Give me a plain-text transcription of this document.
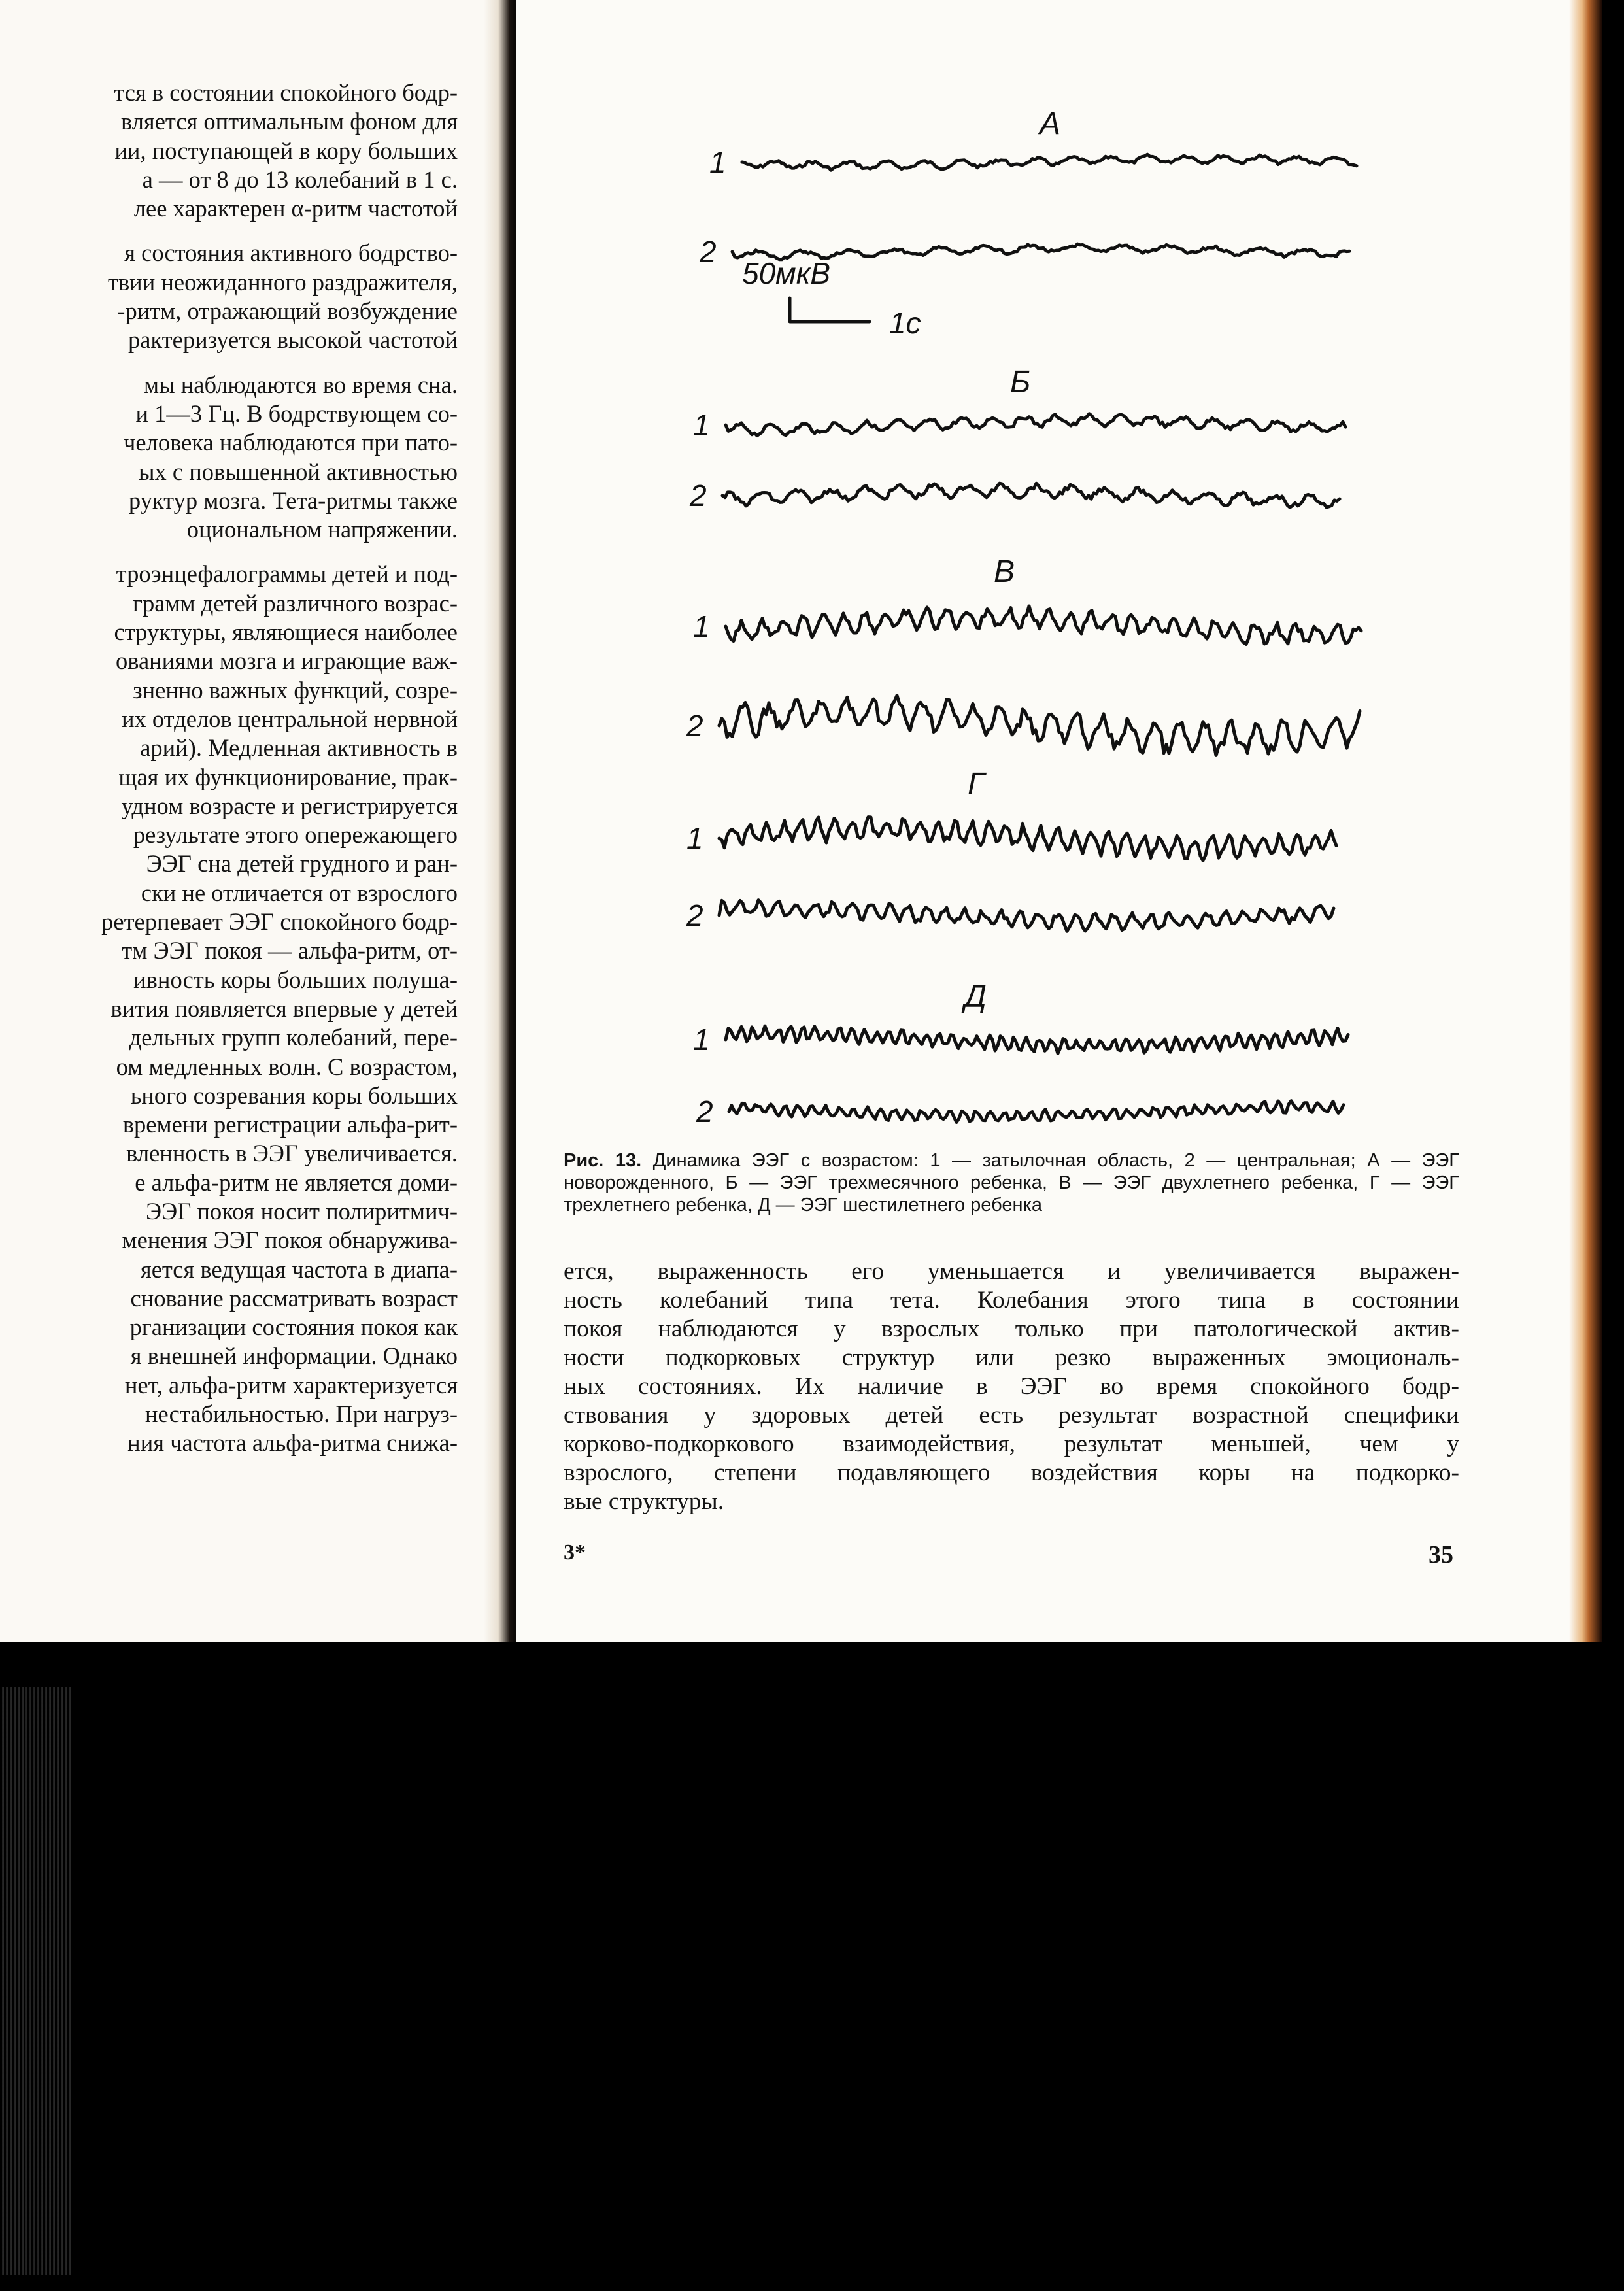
тся в состоянии спокойного бодр-
вляется оптимальным фоном для
ии, поступающей в кору больших
а — от 8 до 13 колебаний в 1 с.
лее характерен α-ритм частотой
я состояния активного бодрство-
твии неожиданного раздражителя,
-ритм, отражающий возбуждение
рактеризуется высокой частотой
мы наблюдаются во время сна.
и 1—3 Гц. В бодрствующем со-
человека наблюдаются при пато-
ых с повышенной активностью
руктур мозга. Тета-ритмы также
оциональном напряжении.
троэнцефалограммы детей и под-
грамм детей различного возрас-
структуры, являющиеся наиболее
ованиями мозга и играющие важ-
зненно важных функций, созре-
их отделов центральной нервной
арий). Медленная активность в
щая их функционирование, прак-
удном возрасте и регистрируется
результате этого опережающего
ЭЭГ сна детей грудного и ран-
ски не отличается от взрослого
ретерпевает ЭЭГ спокойного бодр-
тм ЭЭГ покоя — альфа-ритм, от-
ивность коры больших полуша-
вития появляется впервые у детей
дельных групп колебаний, пере-
ом медленных волн. С возрастом,
ьного созревания коры больших
времени регистрации альфа-рит-
вленность в ЭЭГ увеличивается.
е альфа-ритм не является доми-
ЭЭГ покоя носит полиритмич-
менения ЭЭГ покоя обнаружива-
яется ведущая частота в диапа-
снование рассматривать возраст
рганизации состояния покоя как
я внешней информации. Однако
нет, альфа-ритм характеризуется
нестабильностью. При нагруз-
ния частота альфа-ритма снижа-
А
1
2
Б
1
2
В
1
2
Г
1
2
Д
1
2
50мкВ
1с
Рис. 13. Динамика ЭЭГ с возрастом: 1 — затылочная область, 2 — центральная; А — ЭЭГ новорожденного, Б — ЭЭГ трехмесячного ребенка, В — ЭЭГ двухлетнего ребенка, Г — ЭЭГ трехлетнего ребенка, Д — ЭЭГ шестилетнего ребенка
ется, выраженность его уменьшается и увеличивается выражен-
ность колебаний типа тета. Колебания этого типа в состоянии
покоя наблюдаются у взрослых только при патологической актив-
ности подкорковых структур или резко выраженных эмоциональ-
ных состояниях. Их наличие в ЭЭГ во время спокойного бодр-
ствования у здоровых детей есть результат возрастной специфики
корково-подкоркового взаимодействия, результат меньшей, чем у
взрослого, степени подавляющего воздействия коры на подкорко-
вые структуры.
3*	35
